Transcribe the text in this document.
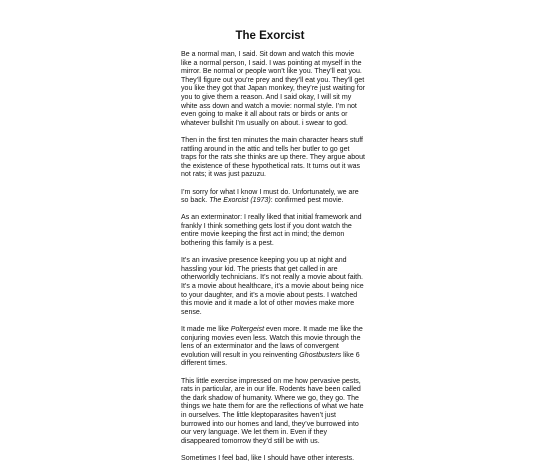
The Exorcist
Be a normal man, I said. Sit down and watch this movie
like a normal person, I said. I was pointing at myself in the
mirror. Be normal or people won’t like you. They’ll eat you.
They’ll figure out you’re prey and they’ll eat you. They’ll get
you like they got that Japan monkey, they’re just waiting for
you to give them a reason. And I said okay, I will sit my
white ass down and watch a movie: normal style. I’m not
even going to make it all about rats or birds or ants or
whatever bullshit I’m usually on about. i swear to god.
Then in the first ten minutes the main character hears stuff
rattling around in the attic and tells her butler to go get
traps for the rats she thinks are up there. They argue about
the existence of these hypothetical rats. It turns out it was
not rats; it was just pazuzu.
I’m sorry for what I know I must do. Unfortunately, we are
so back. The Exorcist (1973): confirmed pest movie.
As an exterminator: I really liked that initial framework and
frankly I think something gets lost if you dont watch the
entire movie keeping the first act in mind; the demon
bothering this family is a pest.
It’s an invasive presence keeping you up at night and
hassling your kid. The priests that get called in are
otherworldly technicians. It’s not really a movie about faith.
It’s a movie about healthcare, it’s a movie about being nice
to your daughter, and it’s a movie about pests. I watched
this movie and it made a lot of other movies make more
sense.
It made me like Poltergeist even more. It made me like the
conjuring movies even less. Watch this movie through the
lens of an exterminator and the laws of convergent
evolution will result in you reinventing Ghostbusters like 6
different times.
This little exercise impressed on me how pervasive pests,
rats in particular, are in our life. Rodents have been called
the dark shadow of humanity. Where we go, they go. The
things we hate them for are the reflections of what we hate
in ourselves. The little kleptoparasites haven’t just
burrowed into our homes and land, they’ve burrowed into
our very language. We let them in. Even if they
disappeared tomorrow they’d still be with us.
Sometimes I feel bad, like I should have other interests.
